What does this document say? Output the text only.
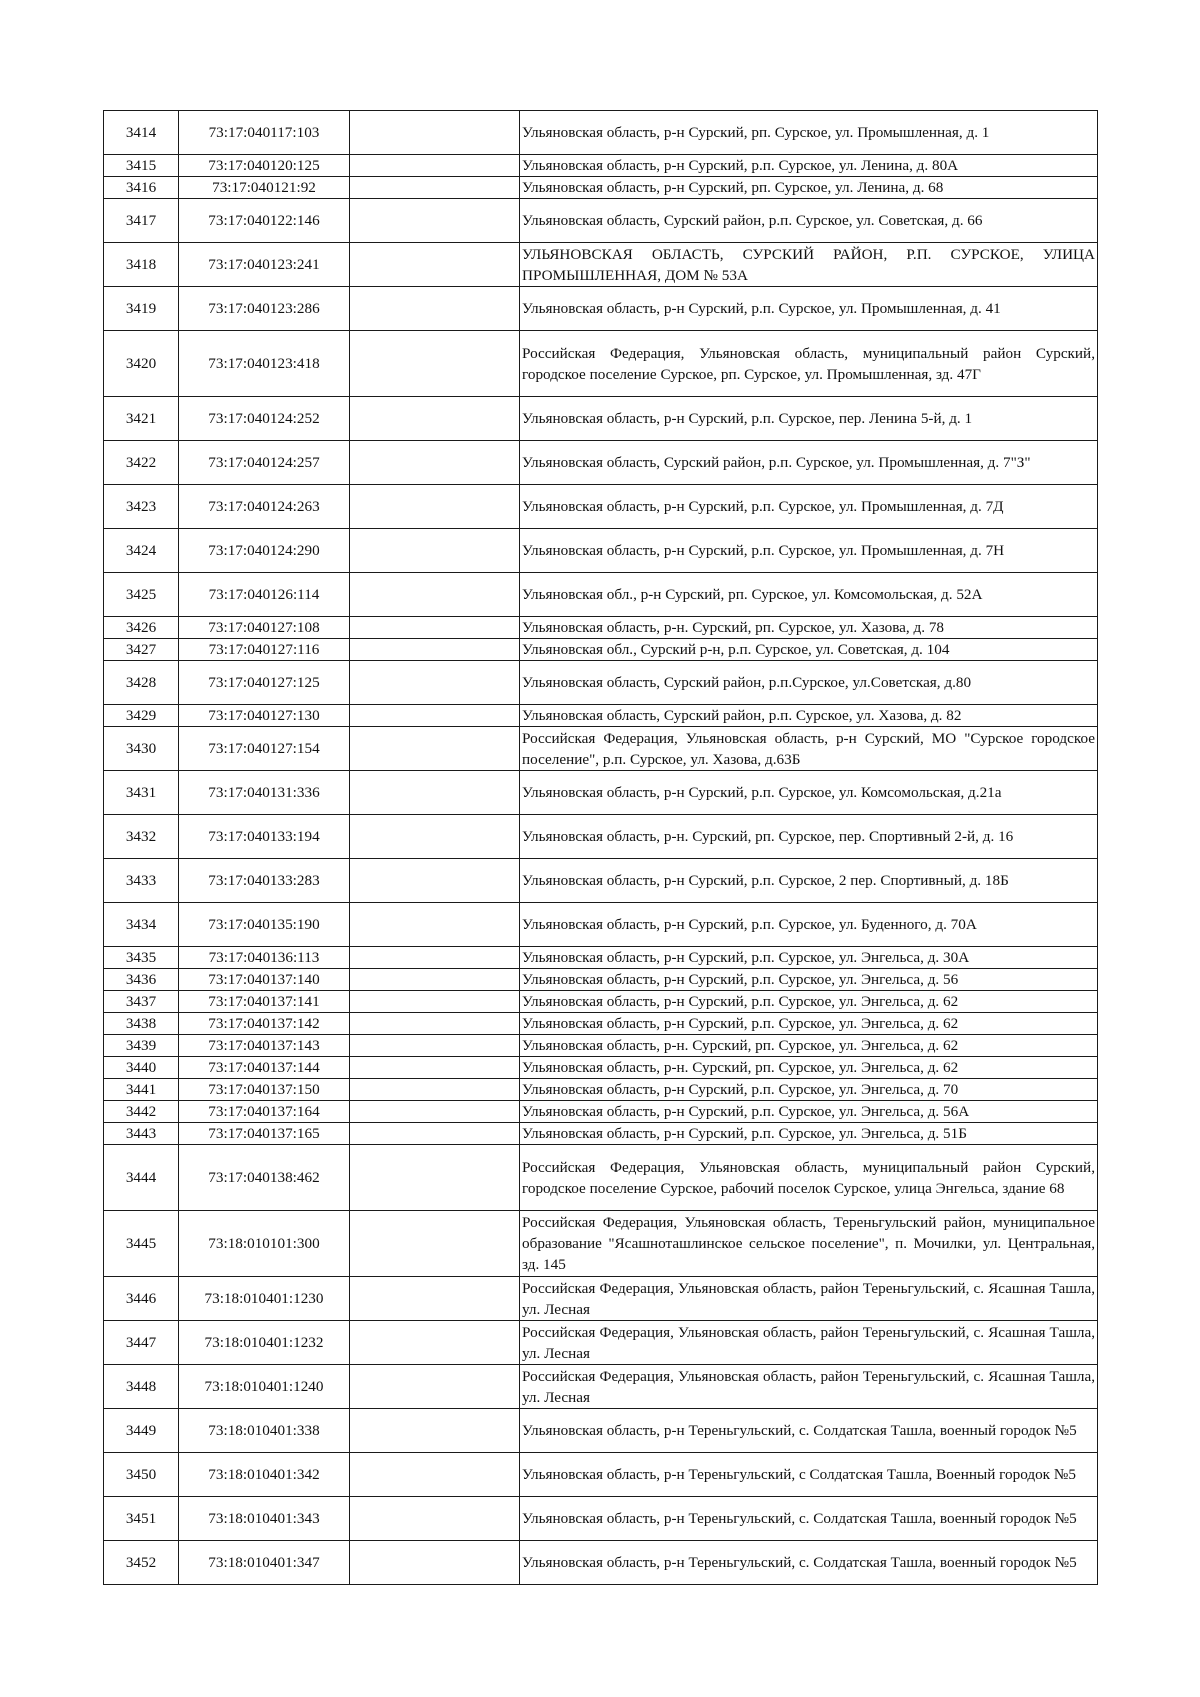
3414	73:17:040117:103		Ульяновская область, р-н Сурский, рп. Сурское, ул. Промышленная, д. 1
3415	73:17:040120:125		Ульяновская область, р-н Сурский, р.п. Сурское, ул. Ленина, д. 80А
3416	73:17:040121:92		Ульяновская область, р-н Сурский, рп. Сурское, ул. Ленина, д. 68
3417	73:17:040122:146		Ульяновская область, Сурский район, р.п. Сурское, ул. Советская, д. 66
3418	73:17:040123:241		УЛЬЯНОВСКАЯ ОБЛАСТЬ, СУРСКИЙ РАЙОН, Р.П. СУРСКОЕ, УЛИЦА ПРОМЫШЛЕННАЯ, ДОМ № 53А
3419	73:17:040123:286		Ульяновская область, р-н Сурский, р.п. Сурское, ул. Промышленная, д. 41
3420	73:17:040123:418		Российская Федерация, Ульяновская область, муниципальный район Сурский, городское поселение Сурское, рп. Сурское, ул. Промышленная, зд. 47Г
3421	73:17:040124:252		Ульяновская область, р-н Сурский, р.п. Сурское, пер. Ленина 5-й, д. 1
3422	73:17:040124:257		Ульяновская область, Сурский район, р.п. Сурское, ул. Промышленная, д. 7"З"
3423	73:17:040124:263		Ульяновская область, р-н Сурский, р.п. Сурское, ул. Промышленная, д. 7Д
3424	73:17:040124:290		Ульяновская область, р-н Сурский, р.п. Сурское, ул. Промышленная, д. 7Н
3425	73:17:040126:114		Ульяновская обл., р-н Сурский, рп. Сурское, ул. Комсомольская, д. 52А
3426	73:17:040127:108		Ульяновская область, р-н. Сурский, рп. Сурское, ул. Хазова, д. 78
3427	73:17:040127:116		Ульяновская обл., Сурский р-н, р.п. Сурское, ул. Советская, д. 104
3428	73:17:040127:125		Ульяновская область, Сурский район, р.п.Сурское, ул.Советская, д.80
3429	73:17:040127:130		Ульяновская область, Сурский район, р.п. Сурское, ул. Хазова, д. 82
3430	73:17:040127:154		Российская Федерация, Ульяновская область, р-н Сурский, МО "Сурское городское поселение", р.п. Сурское, ул. Хазова, д.63Б
3431	73:17:040131:336		Ульяновская область, р-н Сурский, р.п. Сурское, ул. Комсомольская, д.21а
3432	73:17:040133:194		Ульяновская область, р-н. Сурский, рп. Сурское, пер. Спортивный 2-й, д. 16
3433	73:17:040133:283		Ульяновская область, р-н Сурский, р.п. Сурское, 2 пер. Спортивный, д. 18Б
3434	73:17:040135:190		Ульяновская область, р-н Сурский, р.п. Сурское, ул. Буденного, д. 70А
3435	73:17:040136:113		Ульяновская область, р-н Сурский, р.п. Сурское, ул. Энгельса, д. 30А
3436	73:17:040137:140		Ульяновская область, р-н Сурский, р.п. Сурское, ул. Энгельса, д. 56
3437	73:17:040137:141		Ульяновская область, р-н Сурский, р.п. Сурское, ул. Энгельса, д. 62
3438	73:17:040137:142		Ульяновская область, р-н Сурский, р.п. Сурское, ул. Энгельса, д. 62
3439	73:17:040137:143		Ульяновская область, р-н. Сурский, рп. Сурское, ул. Энгельса, д. 62
3440	73:17:040137:144		Ульяновская область, р-н. Сурский, рп. Сурское, ул. Энгельса, д. 62
3441	73:17:040137:150		Ульяновская область, р-н Сурский, р.п. Сурское, ул. Энгельса, д. 70
3442	73:17:040137:164		Ульяновская область, р-н Сурский, р.п. Сурское, ул. Энгельса, д. 56А
3443	73:17:040137:165		Ульяновская область, р-н Сурский, р.п. Сурское, ул. Энгельса, д. 51Б
3444	73:17:040138:462		Российская Федерация, Ульяновская область, муниципальный район Сурский, городское поселение Сурское, рабочий поселок Сурское, улица Энгельса, здание 68
3445	73:18:010101:300		Российская Федерация, Ульяновская область, Тереньгульский район, муниципальное образование "Ясашноташлинское сельское поселение", п. Мочилки, ул. Центральная, зд. 145
3446	73:18:010401:1230		Российская Федерация, Ульяновская область, район Тереньгульский, с. Ясашная Ташла, ул. Лесная
3447	73:18:010401:1232		Российская Федерация, Ульяновская область, район Тереньгульский, с. Ясашная Ташла, ул. Лесная
3448	73:18:010401:1240		Российская Федерация, Ульяновская область, район Тереньгульский, с. Ясашная Ташла, ул. Лесная
3449	73:18:010401:338		Ульяновская область, р-н Тереньгульский, с. Солдатская Ташла, военный городок №5
3450	73:18:010401:342		Ульяновская область, р-н Тереньгульский, с Солдатская Ташла, Военный городок №5
3451	73:18:010401:343		Ульяновская область, р-н Тереньгульский, с. Солдатская Ташла, военный городок №5
3452	73:18:010401:347		Ульяновская область, р-н Тереньгульский, с. Солдатская Ташла, военный городок №5
